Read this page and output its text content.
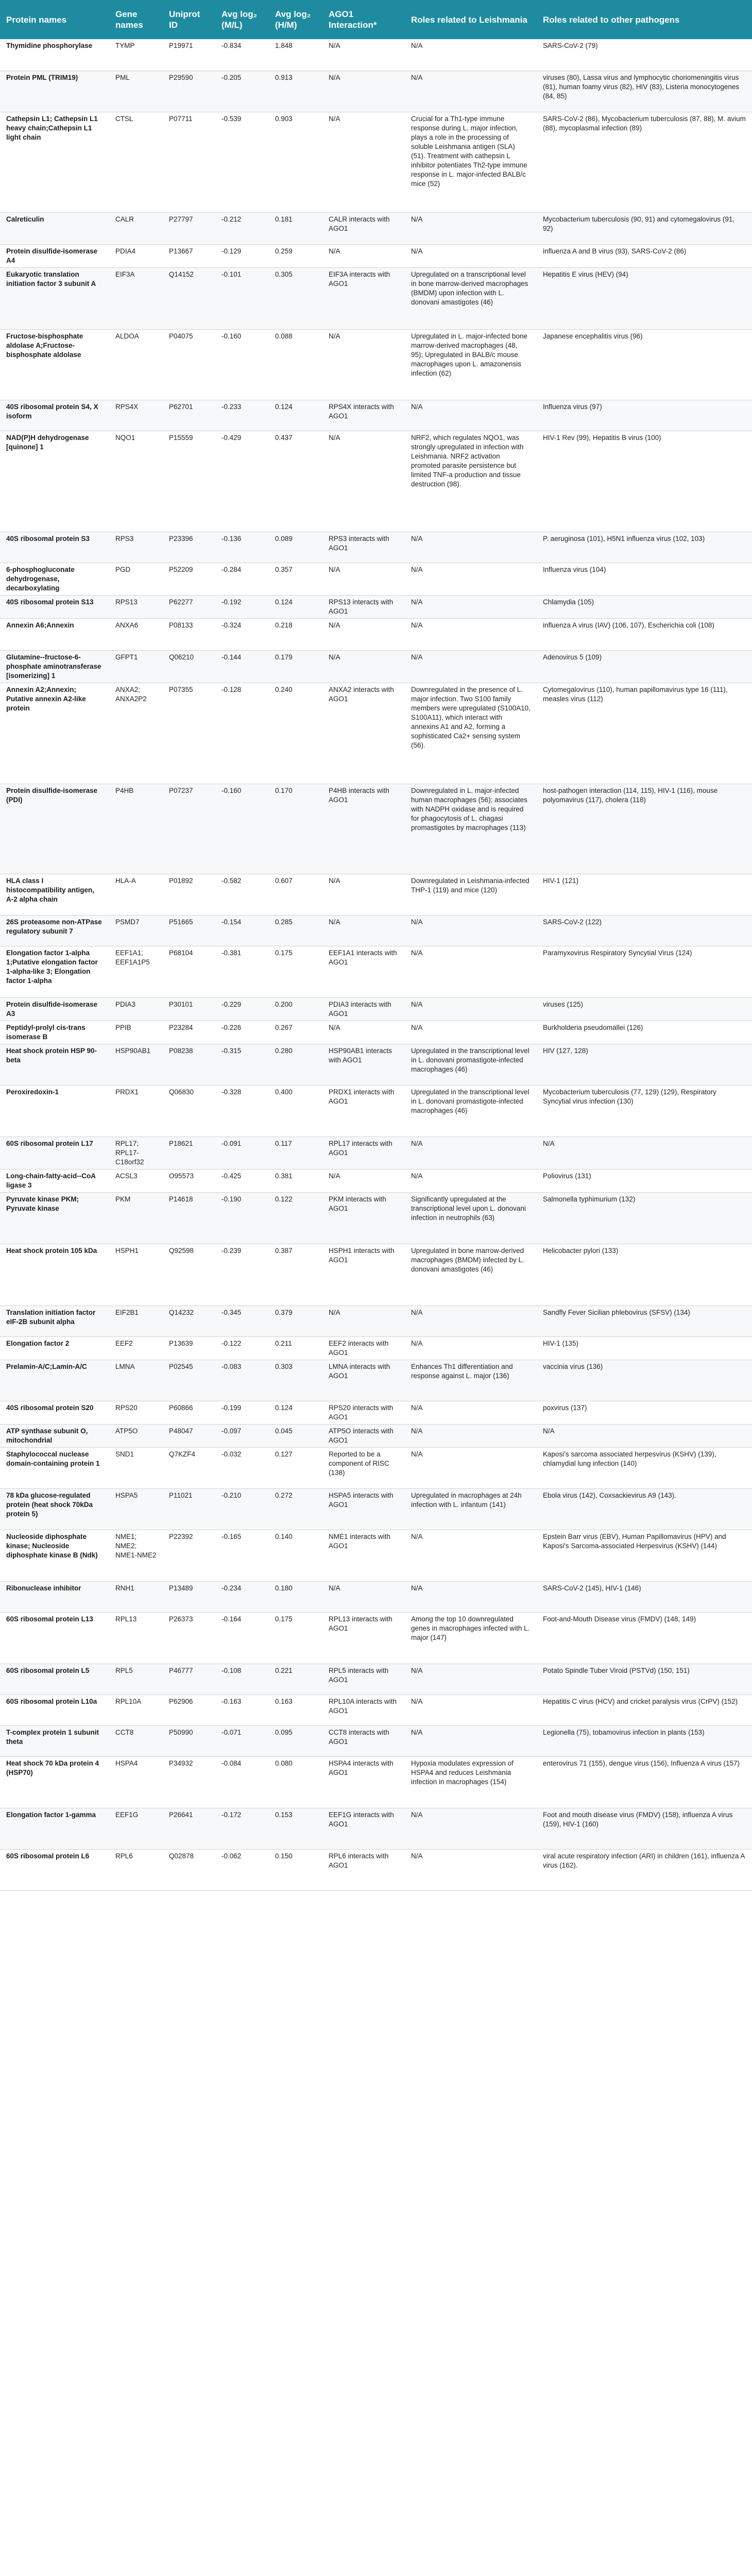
Protein names	Gene names	Uniprot ID	Avg log₂ (M/L)	Avg log₂ (H/M)	AGO1 Interaction*	Roles related to Leishmania	Roles related to other pathogens
Thymidine phosphorylase	TYMP	P19971	-0.834	1.848	N/A	N/A	SARS-CoV-2 (79)
Protein PML (TRIM19)	PML	P29590	-0.205	0.913	N/A	N/A	viruses (80), Lassa virus and lymphocytic choriomeningitis virus (81), human foamy virus (82), HIV (83), Listeria monocytogenes (84, 85)
Cathepsin L1; Cathepsin L1 heavy chain;Cathepsin L1 light chain	CTSL	P07711	-0.539	0.903	N/A	Crucial for a Th1-type immune response during L. major infection, plays a role in the processing of soluble Leishmania antigen (SLA) (51). Treatment with cathepsin L inhibitor potentiates Th2-type immune response in L. major-infected BALB/c mice (52)	SARS-CoV-2 (86), Mycobacterium tuberculosis (87, 88), M. avium (88), mycoplasmal infection (89)
Calreticulin	CALR	P27797	-0.212	0.181	CALR interacts with AGO1	N/A	Mycobacterium tuberculosis (90, 91) and cytomegalovirus (91, 92)
Protein disulfide-isomerase A4	PDIA4	P13667	-0.129	0.259	N/A	N/A	influenza A and B virus (93), SARS-CoV-2 (86)
Eukaryotic translation initiation factor 3 subunit A	EIF3A	Q14152	-0.101	0.305	EIF3A interacts with AGO1	Upregulated on a transcriptional level in bone marrow-derived macrophages (BMDM) upon infection with L. donovani amastigotes (46)	Hepatitis E virus (HEV) (94)
Fructose-bisphosphate aldolase A;Fructose-bisphosphate aldolase	ALDOA	P04075	-0.160	0.088	N/A	Upregulated in L. major-infected bone marrow-derived macrophages (48, 95); Upregulated in BALB/c mouse macrophages upon L. amazonensis infection (62)	Japanese encephalitis virus (96)
40S ribosomal protein S4, X isoform	RPS4X	P62701	-0.233	0.124	RPS4X interacts with AGO1	N/A	Influenza virus (97)
NAD(P)H dehydrogenase [quinone] 1	NQO1	P15559	-0.429	0.437	N/A	NRF2, which regulates NQO1, was strongly upregulated in infection with Leishmania. NRF2 activation promoted parasite persistence but limited TNF-a production and tissue destruction (98).	HIV-1 Rev (99), Hepatitis B virus (100)
40S ribosomal protein S3	RPS3	P23396	-0.136	0.089	RPS3 interacts with AGO1	N/A	P. aeruginosa (101), H5N1 influenza virus (102, 103)
6-phosphogluconate dehydrogenase, decarboxylating	PGD	P52209	-0.284	0.357	N/A	N/A	Influenza virus (104)
40S ribosomal protein S13	RPS13	P62277	-0.192	0.124	RPS13 interacts with AGO1	N/A	Chlamydia (105)
Annexin A6;Annexin	ANXA6	P08133	-0.324	0.218	N/A	N/A	influenza A virus (IAV) (106, 107), Escherichia coli (108)
Glutamine--fructose-6-phosphate aminotransferase [isomerizing] 1	GFPT1	Q06210	-0.144	0.179	N/A	N/A	Adenovirus 5 (109)
Annexin A2;Annexin; Putative annexin A2-like protein	ANXA2; ANXA2P2	P07355	-0.128	0.240	ANXA2 interacts with AGO1	Downregulated in the presence of L. major infection. Two S100 family members were upregulated (S100A10, S100A11), which interact with annexins A1 and A2, forming a sophisticated Ca2+ sensing system (56).	Cytomegalovirus (110), human papillomavirus type 16 (111), measles virus (112)
Protein disulfide-isomerase (PDI)	P4HB	P07237	-0.160	0.170	P4HB interacts with AGO1	Downregulated in L. major-infected human macrophages (56); associates with NADPH oxidase and is required for phagocytosis of L. chagasi promastigotes by macrophages (113)	host-pathogen interaction (114, 115), HIV-1 (116), mouse polyomavirus (117), cholera (118)
HLA class I histocompatibility antigen, A-2 alpha chain	HLA-A	P01892	-0.582	0.607	N/A	Downregulated in Leishmania-infected THP-1 (119) and mice (120)	HIV-1 (121)
26S proteasome non-ATPase regulatory subunit 7	PSMD7	P51665	-0.154	0.285	N/A	N/A	SARS-CoV-2 (122)
Elongation factor 1-alpha 1;Putative elongation factor 1-alpha-like 3; Elongation factor 1-alpha	EEF1A1; EEF1A1P5	P68104	-0.381	0.175	EEF1A1 interacts with AGO1	N/A	Paramyxovirus Respiratory Syncytial Virus (124)
Protein disulfide-isomerase A3	PDIA3	P30101	-0.229	0.200	PDIA3 interacts with AGO1	N/A	viruses (125)
Peptidyl-prolyl cis-trans isomerase B	PPIB	P23284	-0.226	0.267	N/A	N/A	Burkholderia pseudomallei (126)
Heat shock protein HSP 90-beta	HSP90AB1	P08238	-0.315	0.280	HSP90AB1 interacts with AGO1	Upregulated in the transcriptional level in L. donovani promastigote-infected macrophages (46)	HIV (127, 128)
Peroxiredoxin-1	PRDX1	Q06830	-0.328	0.400	PRDX1 interacts with AGO1	Upregulated in the transcriptional level in L. donovani promastigote-infected macrophages (46)	Mycobacterium tuberculosis (77, 129) (129), Respiratory Syncytial virus infection (130)
60S ribosomal protein L17	RPL17; RPL17-C18orf32	P18621	-0.091	0.117	RPL17 interacts with AGO1	N/A	N/A
Long-chain-fatty-acid--CoA ligase 3	ACSL3	O95573	-0.425	0.381	N/A	N/A	Poliovirus (131)
Pyruvate kinase PKM; Pyruvate kinase	PKM	P14618	-0.190	0.122	PKM interacts with AGO1	Significantly upregulated at the transcriptional level upon L. donovani infection in neutrophils (63)	Salmonella typhimurium (132)
Heat shock protein 105 kDa	HSPH1	Q92598	-0.239	0.387	HSPH1 interacts with AGO1	Upregulated in bone marrow-derived macrophages (BMDM) infected by L. donovani amastigotes (46)	Helicobacter pylori (133)
Translation initiation factor eIF-2B subunit alpha	EIF2B1	Q14232	-0.345	0.379	N/A	N/A	Sandfly Fever Sicilian phlebovirus (SFSV) (134)
Elongation factor 2	EEF2	P13639	-0.122	0.211	EEF2 interacts with AGO1	N/A	HIV-1 (135)
Prelamin-A/C;Lamin-A/C	LMNA	P02545	-0.083	0.303	LMNA interacts with AGO1	Enhances Th1 differentiation and response against L. major (136)	vaccinia virus (136)
40S ribosomal protein S20	RPS20	P60866	-0.199	0.124	RPS20 interacts with AGO1	N/A	poxvirus (137)
ATP synthase subunit O, mitochondrial	ATP5O	P48047	-0.097	0.045	ATP5O interacts with AGO1	N/A	N/A
Staphylococcal nuclease domain-containing protein 1	SND1	Q7KZF4	-0.032	0.127	Reported to be a component of RISC (138)	N/A	Kaposi's sarcoma associated herpesvirus (KSHV) (139), chlamydial lung infection (140)
78 kDa glucose-regulated protein (heat shock 70kDa protein 5)	HSPA5	P11021	-0.210	0.272	HSPA5 interacts with AGO1	Upregulated in macrophages at 24h infection with L. infantum (141)	Ebola virus (142), Coxsackievirus A9 (143).
Nucleoside diphosphate kinase; Nucleoside diphosphate kinase B (Ndk)	NME1; NME2; NME1-NME2	P22392	-0.165	0.140	NME1 interacts with AGO1	N/A	Epstein Barr virus (EBV), Human Papillomavirus (HPV) and Kaposi's Sarcoma-associated Herpesvirus (KSHV) (144)
Ribonuclease inhibitor	RNH1	P13489	-0.234	0.180	N/A	N/A	SARS-CoV-2 (145), HIV-1 (146)
60S ribosomal protein L13	RPL13	P26373	-0.164	0.175	RPL13 interacts with AGO1	Among the top 10 downregulated genes in macrophages infected with L. major (147)	Foot-and-Mouth Disease virus (FMDV) (148, 149)
60S ribosomal protein L5	RPL5	P46777	-0.108	0.221	RPL5 interacts with AGO1	N/A	Potato Spindle Tuber Viroid (PSTVd) (150, 151)
60S ribosomal protein L10a	RPL10A	P62906	-0.163	0.163	RPL10A interacts with AGO1	N/A	Hepatitis C virus (HCV) and cricket paralysis virus (CrPV) (152)
T-complex protein 1 subunit theta	CCT8	P50990	-0.071	0.095	CCT8 interacts with AGO1	N/A	Legionella (75), tobamovirus infection in plants (153)
Heat shock 70 kDa protein 4 (HSP70)	HSPA4	P34932	-0.084	0.080	HSPA4 interacts with AGO1	Hypoxia modulates expression of HSPA4 and reduces Leishmania infection in macrophages (154)	enterovirus 71 (155), dengue virus (156), Influenza A virus (157)
Elongation factor 1-gamma	EEF1G	P26641	-0.172	0.153	EEF1G interacts with AGO1	N/A	Foot and mouth disease virus (FMDV) (158), influenza A virus (159), HIV-1 (160)
60S ribosomal protein L6	RPL6	Q02878	-0.062	0.150	RPL6 interacts with AGO1	N/A	viral acute respiratory infection (ARI) in children (161), influenza A virus (162).
